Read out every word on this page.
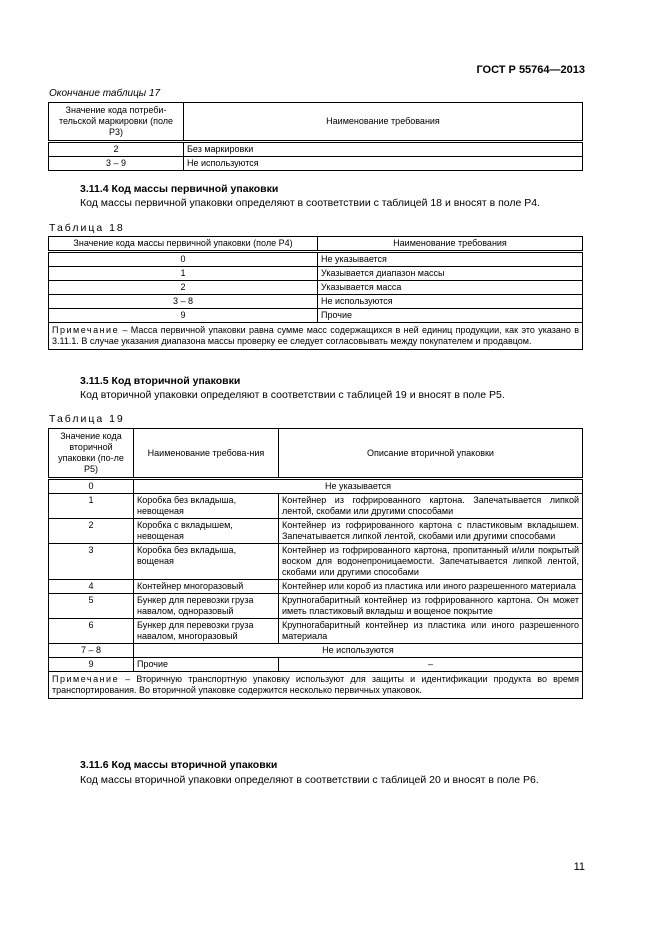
ГОСТ Р 55764—2013
Окончание таблицы 17
Значение кода потреби-тельской маркировки (поле Р3)	Наименование требования
2	Без маркировки
3 – 9	Не используются
3.11.4 Код массы первичной упаковки
Код массы первичной упаковки определяют в соответствии с таблицей 18 и вносят в поле Р4.
Таблица 18
Значение кода массы первичной упаковки (поле Р4)	Наименование требования
0	Не указывается
1	Указывается диапазон массы
2	Указывается масса
3 – 8	Не используются
9	Прочие
Примечание – Масса первичной упаковки равна сумме масс содержащихся в ней единиц продукции, как это указано в 3.11.1. В случае указания диапазона массы проверку ее следует согласовывать между покупателем и продавцом.	
3.11.5 Код вторичной упаковки
Код вторичной упаковки определяют в соответствии с таблицей 19 и вносят в поле Р5.
Таблица 19
Значение кода вторичной упаковки (по-ле Р5)	Наименование требова-ния	Описание вторичной упаковки
0	Не указывается	
1	Коробка без вкладыша, невощеная	Контейнер из гофрированного картона. Запечатывается липкой лентой, скобами или другими способами
2	Коробка с вкладышем, невощеная	Контейнер из гофрированного картона с пластиковым вкладышем. Запечатывается липкой лентой, скобами или другими способами
3	Коробка без вкладыша, вощеная	Контейнер из гофрированного картона, пропитанный и/или покрытый воском для водонепроницаемости. Запечатывается липкой лентой, скобами или другими способами
4	Контейнер многоразовый	Контейнер или короб из пластика или иного разрешенного материала
5	Бункер для перевозки груза навалом, одноразовый	Крупногабаритный контейнер из гофрированного картона. Он может иметь пластиковый вкладыш и вощеное покрытие
6	Бункер для перевозки груза навалом, многоразовый	Крупногабаритный контейнер из пластика или иного разрешенного материала
7 – 8	Не используются	
9	Прочие	–
Примечание – Вторичную транспортную упаковку используют для защиты и идентификации продукта во время транспортирования. Во вторичной упаковке содержится несколько первичных упаковок.		
3.11.6 Код массы вторичной упаковки
Код массы вторичной упаковки определяют в соответствии с таблицей 20 и вносят в поле Р6.
11
